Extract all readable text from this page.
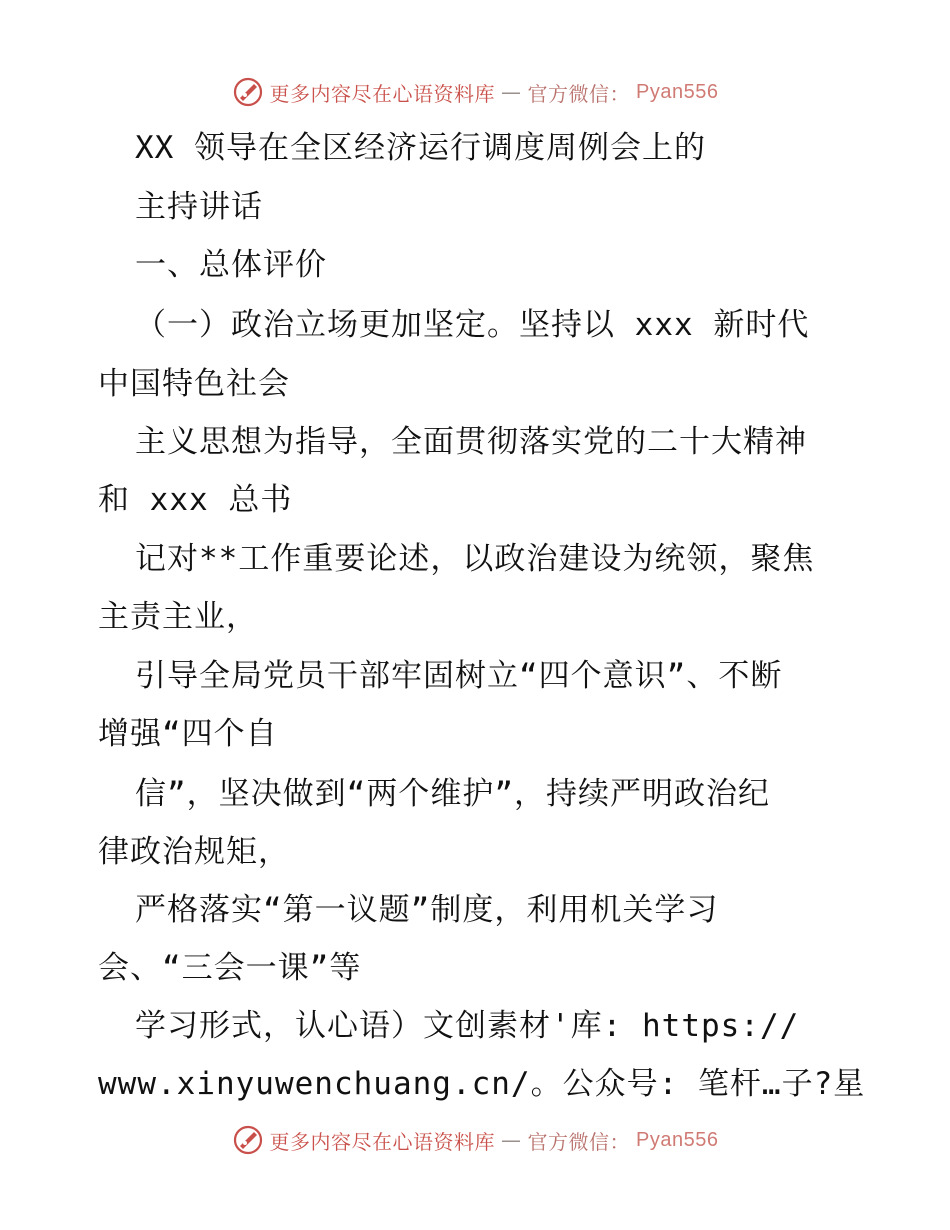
更多内容尽在心语资料库 — 官方微信： Pyan556
XX 领导在全区经济运行调度周例会上的
主持讲话
一、总体评价
（一）政治立场更加坚定。坚持以 xxx 新时代
中国特色社会
主义思想为指导，全面贯彻落实党的二十大精神
和 xxx 总书
记对**工作重要论述，以政治建设为统领，聚焦
主责主业，
引导全局党员干部牢固树立“四个意识”、不断
增强“四个自
信”，坚决做到“两个维护”，持续严明政治纪
律政治规矩，
严格落实“第一议题”制度，利用机关学习
会、“三会一课”等
学习形式，认心语）文创素材'库: https://
www.xinyuwenchuang.cn/。公众号: 笔杆…子?星
更多内容尽在心语资料库 — 官方微信： Pyan556
